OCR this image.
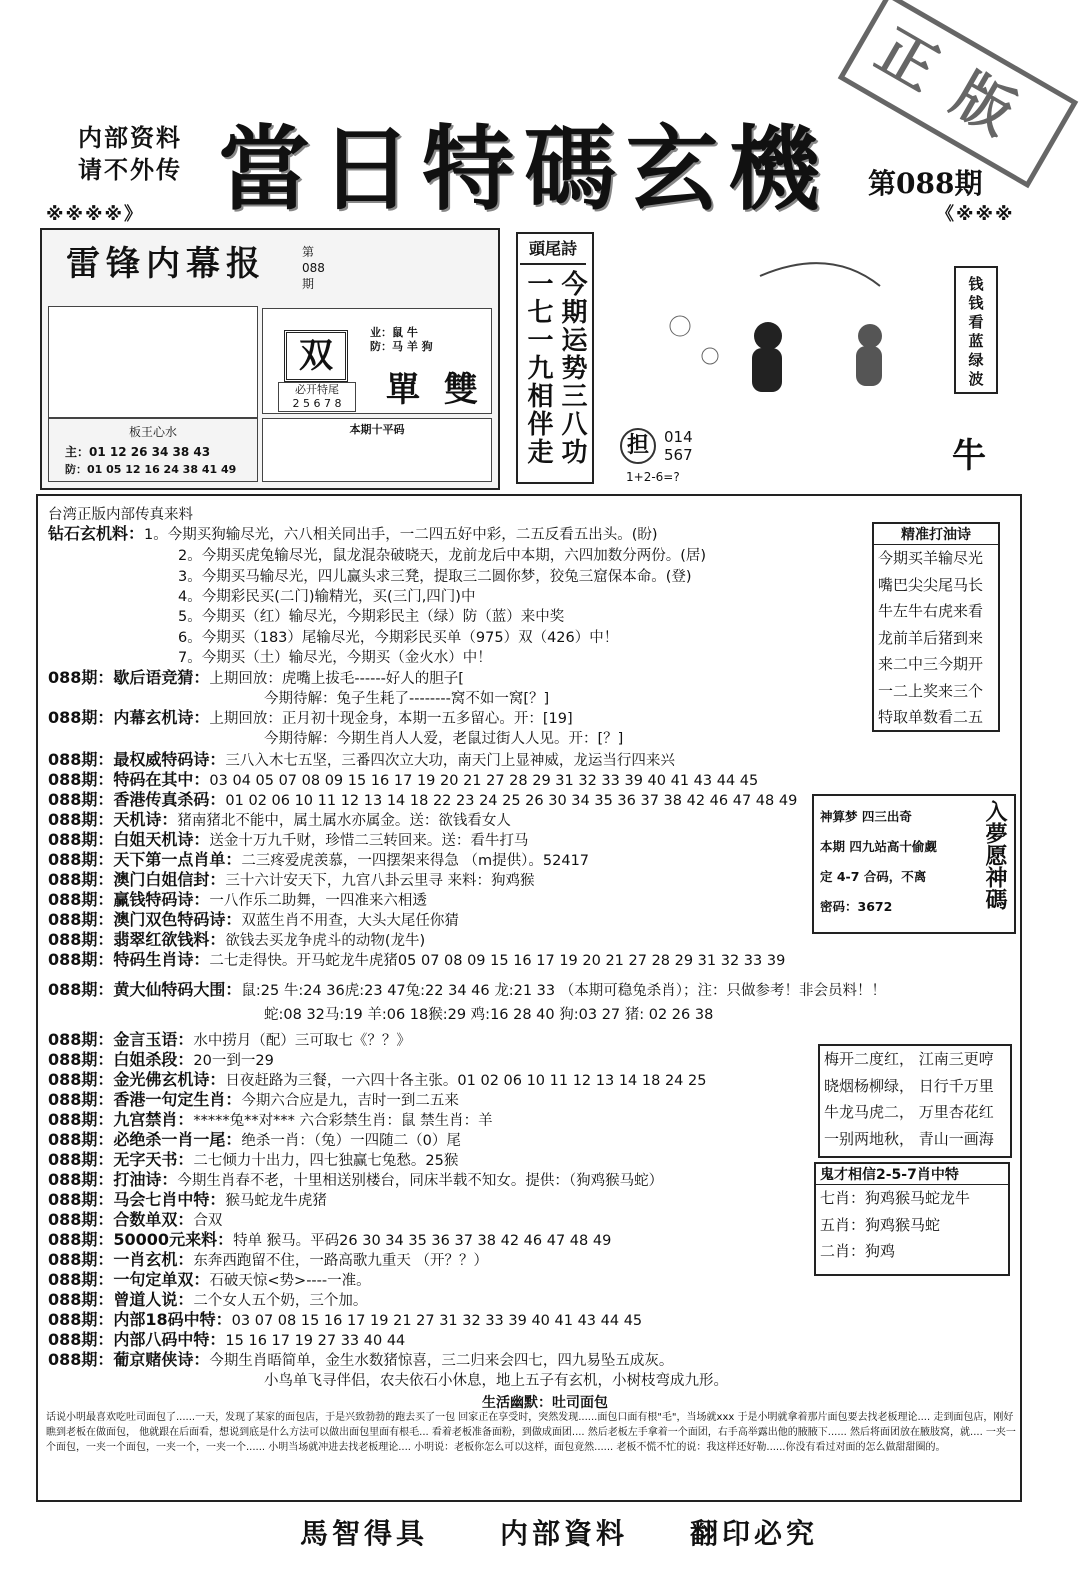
内部资料
请不外传 當日特碼玄機
正版
第088期
※※※※》	《※※※
雷锋内幕报	第
088
期
板王心水
主：01 12 26 34 38 43
防：01 05 12 16 24 38 41 49
双
业：鼠 牛
防：马 羊 狗
必开特尾
2 5 6 7 8	單 雙
本期十平码
頭尾詩
今期运势三八功
一七一九相伴走	担	014
567
1+2-6=?
钱钱看蓝绿波
牛
台湾正版内部传真来料
钻石玄机料：1。今期买狗输尽光，六八相关同出手，一二四五好中彩，二五反看五出头。(盼)
2。今期买虎兔输尽光，鼠龙混杂破晓天，龙前龙后中本期，六四加数分两份。(居)
3。今期买马输尽光，四儿赢头求三凳，提取三二圆你梦，狡兔三窟保本命。(登)
4。今期彩民买(二门)输精光，买(三门,四门)中
5。今期买（红）输尽光，今期彩民主（绿）防（蓝）来中奖
6。今期买（183）尾输尽光，今期彩民买单（975）双（426）中！
7。今期买（土）输尽光，今期买（金火水）中！
088期：歇后语竞猜：上期回放：虎嘴上拔毛------好人的胆子[
今期待解：兔子生耗了--------窝不如一窝[？]
088期：内幕玄机诗：上期回放：正月初十现金身，本期一五多留心。开：[19]
今期待解：今期生肖人人爱，老鼠过街人人见。开：[？]
088期：最权威特码诗：三八入木七五坚，三番四次立大功，南天门上显神威，龙运当行四来兴
088期：特码在其中：03 04 05 07 08 09 15 16 17 19 20 21 27 28 29 31 32 33 39 40 41 43 44 45
088期：香港传真杀码：01 02 06 10 11 12 13 14 18 22 23 24 25 26 30 34 35 36 37 38 42 46 47 48 49
088期：天机诗：猪南猪北不能中，属土属水亦属金。送：欲钱看女人
088期：白姐天机诗：送金十万九千财，珍惜二三转回来。送：看牛打马
088期：天下第一点肖单：二三疼爱虎羡慕，一四摆架来得急 （m提供）。52417
088期：澳门白姐信封：三十六计安天下，九宫八卦云里寻 来料：狗鸡猴
088期：赢钱特码诗：一八作乐二助舞，一四准来六相透
088期：澳门双色特码诗：双蓝生肖不用查，大头大尾任你猜
088期：翡翠红欲钱料：欲钱去买龙争虎斗的动物(龙牛)
088期：特码生肖诗：二七走得快。开马蛇龙牛虎猪05 07 08 09 15 16 17 19 20 21 27 28 29 31 32 33 39
088期：黄大仙特码大围：鼠:25 牛:24 36虎:23 47兔:22 34 46 龙:21 33 （本期可稳兔杀肖）；注：只做参考！非会员料！！
蛇:08 32马:19 羊:06 18猴:29 鸡:16 28 40 狗:03 27 猪: 02 26 38
088期：金言玉语：水中捞月（配）三可取七《？？》
088期：白姐杀段：20一到一29
088期：金光佛玄机诗：日夜赶路为三餐，一六四十各主张。01 02 06 10 11 12 13 14 18 24 25
088期：香港一句定生肖：今期六合应是九，吉时一到二五来
088期：九宫禁肖：*****兔**对*** 六合彩禁生肖：鼠 禁生肖：羊
088期：必绝杀一肖一尾：绝杀一肖：（兔）一四随二（0）尾
088期：无字天书：二七倾力十出力，四七独赢七兔愁。25猴
088期：打油诗：今期生肖春不老，十里相送别楼台，同床半载不知女。提供：（狗鸡猴马蛇）
088期：马会七肖中特：猴马蛇龙牛虎猪
088期：合数单双：合双
088期：50000元来料：特单 猴马。平码26 30 34 35 36 37 38 42 46 47 48 49
088期：一肖玄机：东奔西跑留不住，一路高歌九重天 （开？？）
088期：一句定单双：石破天惊<势>----一准。
088期：曾道人说：二个女人五个奶，三个加。
088期：内部18码中特：03 07 08 15 16 17 19 21 27 31 32 33 39 40 41 43 44 45
088期：内部八码中特：15 16 17 19 27 33 40 44
088期：葡京赌侠诗：今期生肖晤简单，金生水数猪惊喜，三二归来会四七，四九易坠五成灰。
小鸟单飞寻伴侣，农夫依石小休息，地上五子有玄机，小树枝弯成九形。
精准打油诗
今期买羊输尽光
嘴巴尖尖尾马长
牛左牛右虎来看
龙前羊后猪到来
来二中三今期开
一二上奖来三个
特取单数看二五
神算梦 四三出奇
本期 四九站高十偷觑
定 4-7 合码，不离
密码：3672	入夢愿神碼
梅开二度红， 江南三更哼
晓烟杨柳绿， 日行千万里
牛龙马虎二， 万里杏花红
一别两地秋， 青山一画海
鬼才相信2-5-7肖中特
七肖：狗鸡猴马蛇龙牛
五肖：狗鸡猴马蛇
二肖：狗鸡
生活幽默：吐司面包
话说小明最喜欢吃吐司面包了......一天，发现了某家的面包店，于是兴致勃勃的跑去买了一包 回家正在享受时，突然发现......面包口面有根"毛"，当场就xxx 于是小明就拿着那片面包要去找老板理论.... 走到面包店，刚好瞧到老板在做面包， 他就跟在后面看，想说到底是什么方法可以做出面包里面有根毛... 看着老板准备面粉，到做成面团.... 然后老板左手拿着一个面团，右手高举露出他的腋腋下...... 然后将面团放在腋肢窝，就.... 一夹一个面包，一夹一个面包，一夹一个，一夹一个...... 小明当场就冲进去找老板理论.... 小明说：老板你怎么可以这样，面包竟然...... 老板不慌不忙的说：我这样还好勒......你没有看过对面的怎么做甜甜圈的。
馬智得具	内部資料 翻印必究
